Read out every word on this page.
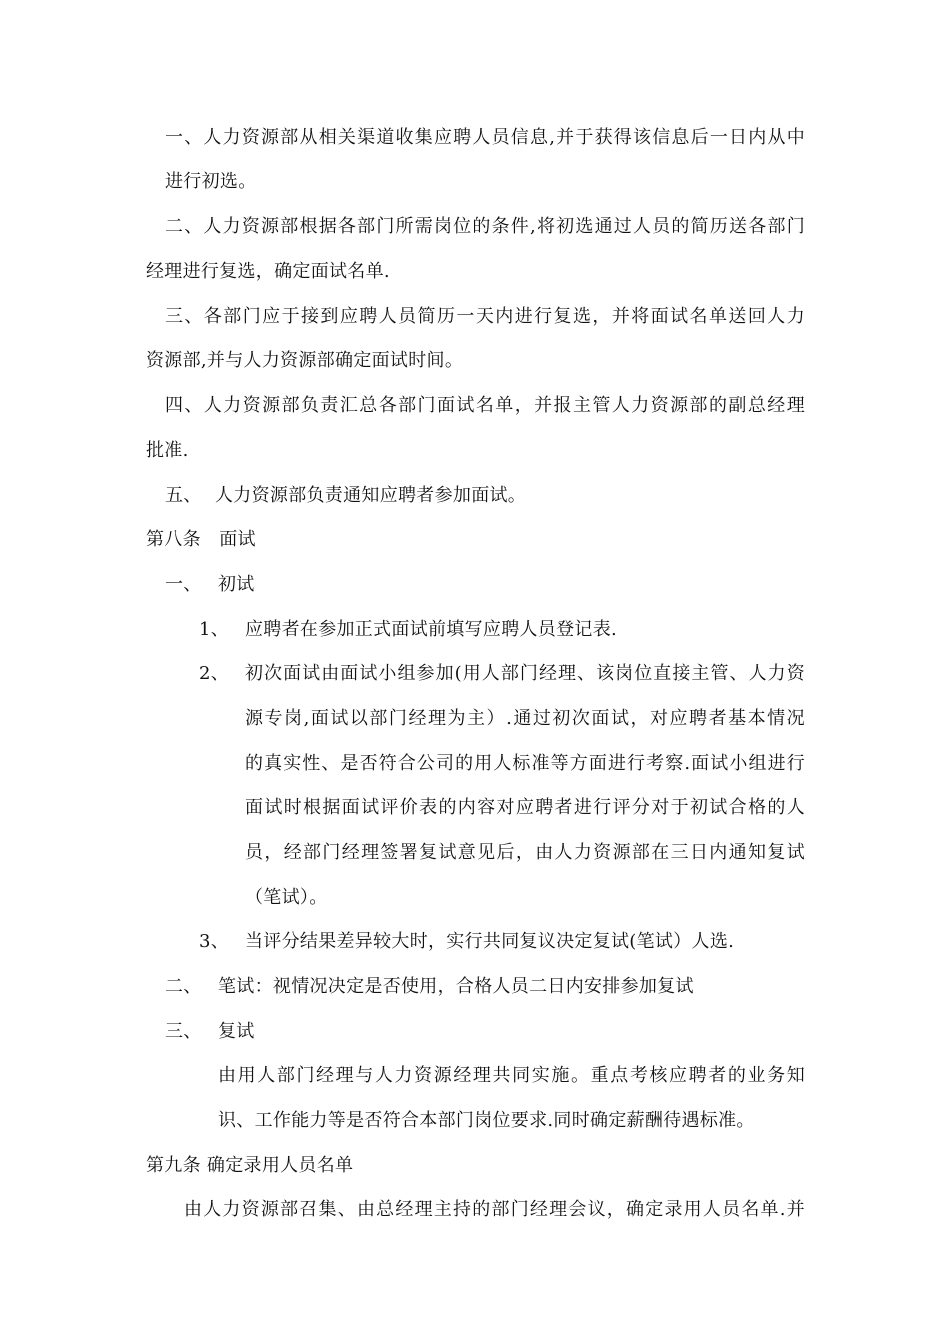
一、人力资源部从相关渠道收集应聘人员信息,并于获得该信息后一日内从中
进行初选。
二、人力资源部根据各部门所需岗位的条件,将初选通过人员的简历送各部门
经理进行复选，确定面试名单.
三、各部门应于接到应聘人员简历一天内进行复选，并将面试名单送回人力
资源部,并与人力资源部确定面试时间。
四、人力资源部负责汇总各部门面试名单，并报主管人力资源部的副总经理
批准.
五、 人力资源部负责通知应聘者参加面试。
第八条　面试
一、 初试
1、 应聘者在参加正式面试前填写应聘人员登记表.
2、 初次面试由面试小组参加(用人部门经理、该岗位直接主管、人力资
源专岗,面试以部门经理为主）.通过初次面试，对应聘者基本情况
的真实性、是否符合公司的用人标准等方面进行考察.面试小组进行
面试时根据面试评价表的内容对应聘者进行评分对于初试合格的人
员，经部门经理签署复试意见后，由人力资源部在三日内通知复试
（笔试）。
3、 当评分结果差异较大时，实行共同复议决定复试(笔试）人选.
二、 笔试：视情况决定是否使用，合格人员二日内安排参加复试
三、 复试
由用人部门经理与人力资源经理共同实施。重点考核应聘者的业务知
识、工作能力等是否符合本部门岗位要求.同时确定薪酬待遇标准。
第九条 确定录用人员名单
由人力资源部召集、由总经理主持的部门经理会议，确定录用人员名单.并
